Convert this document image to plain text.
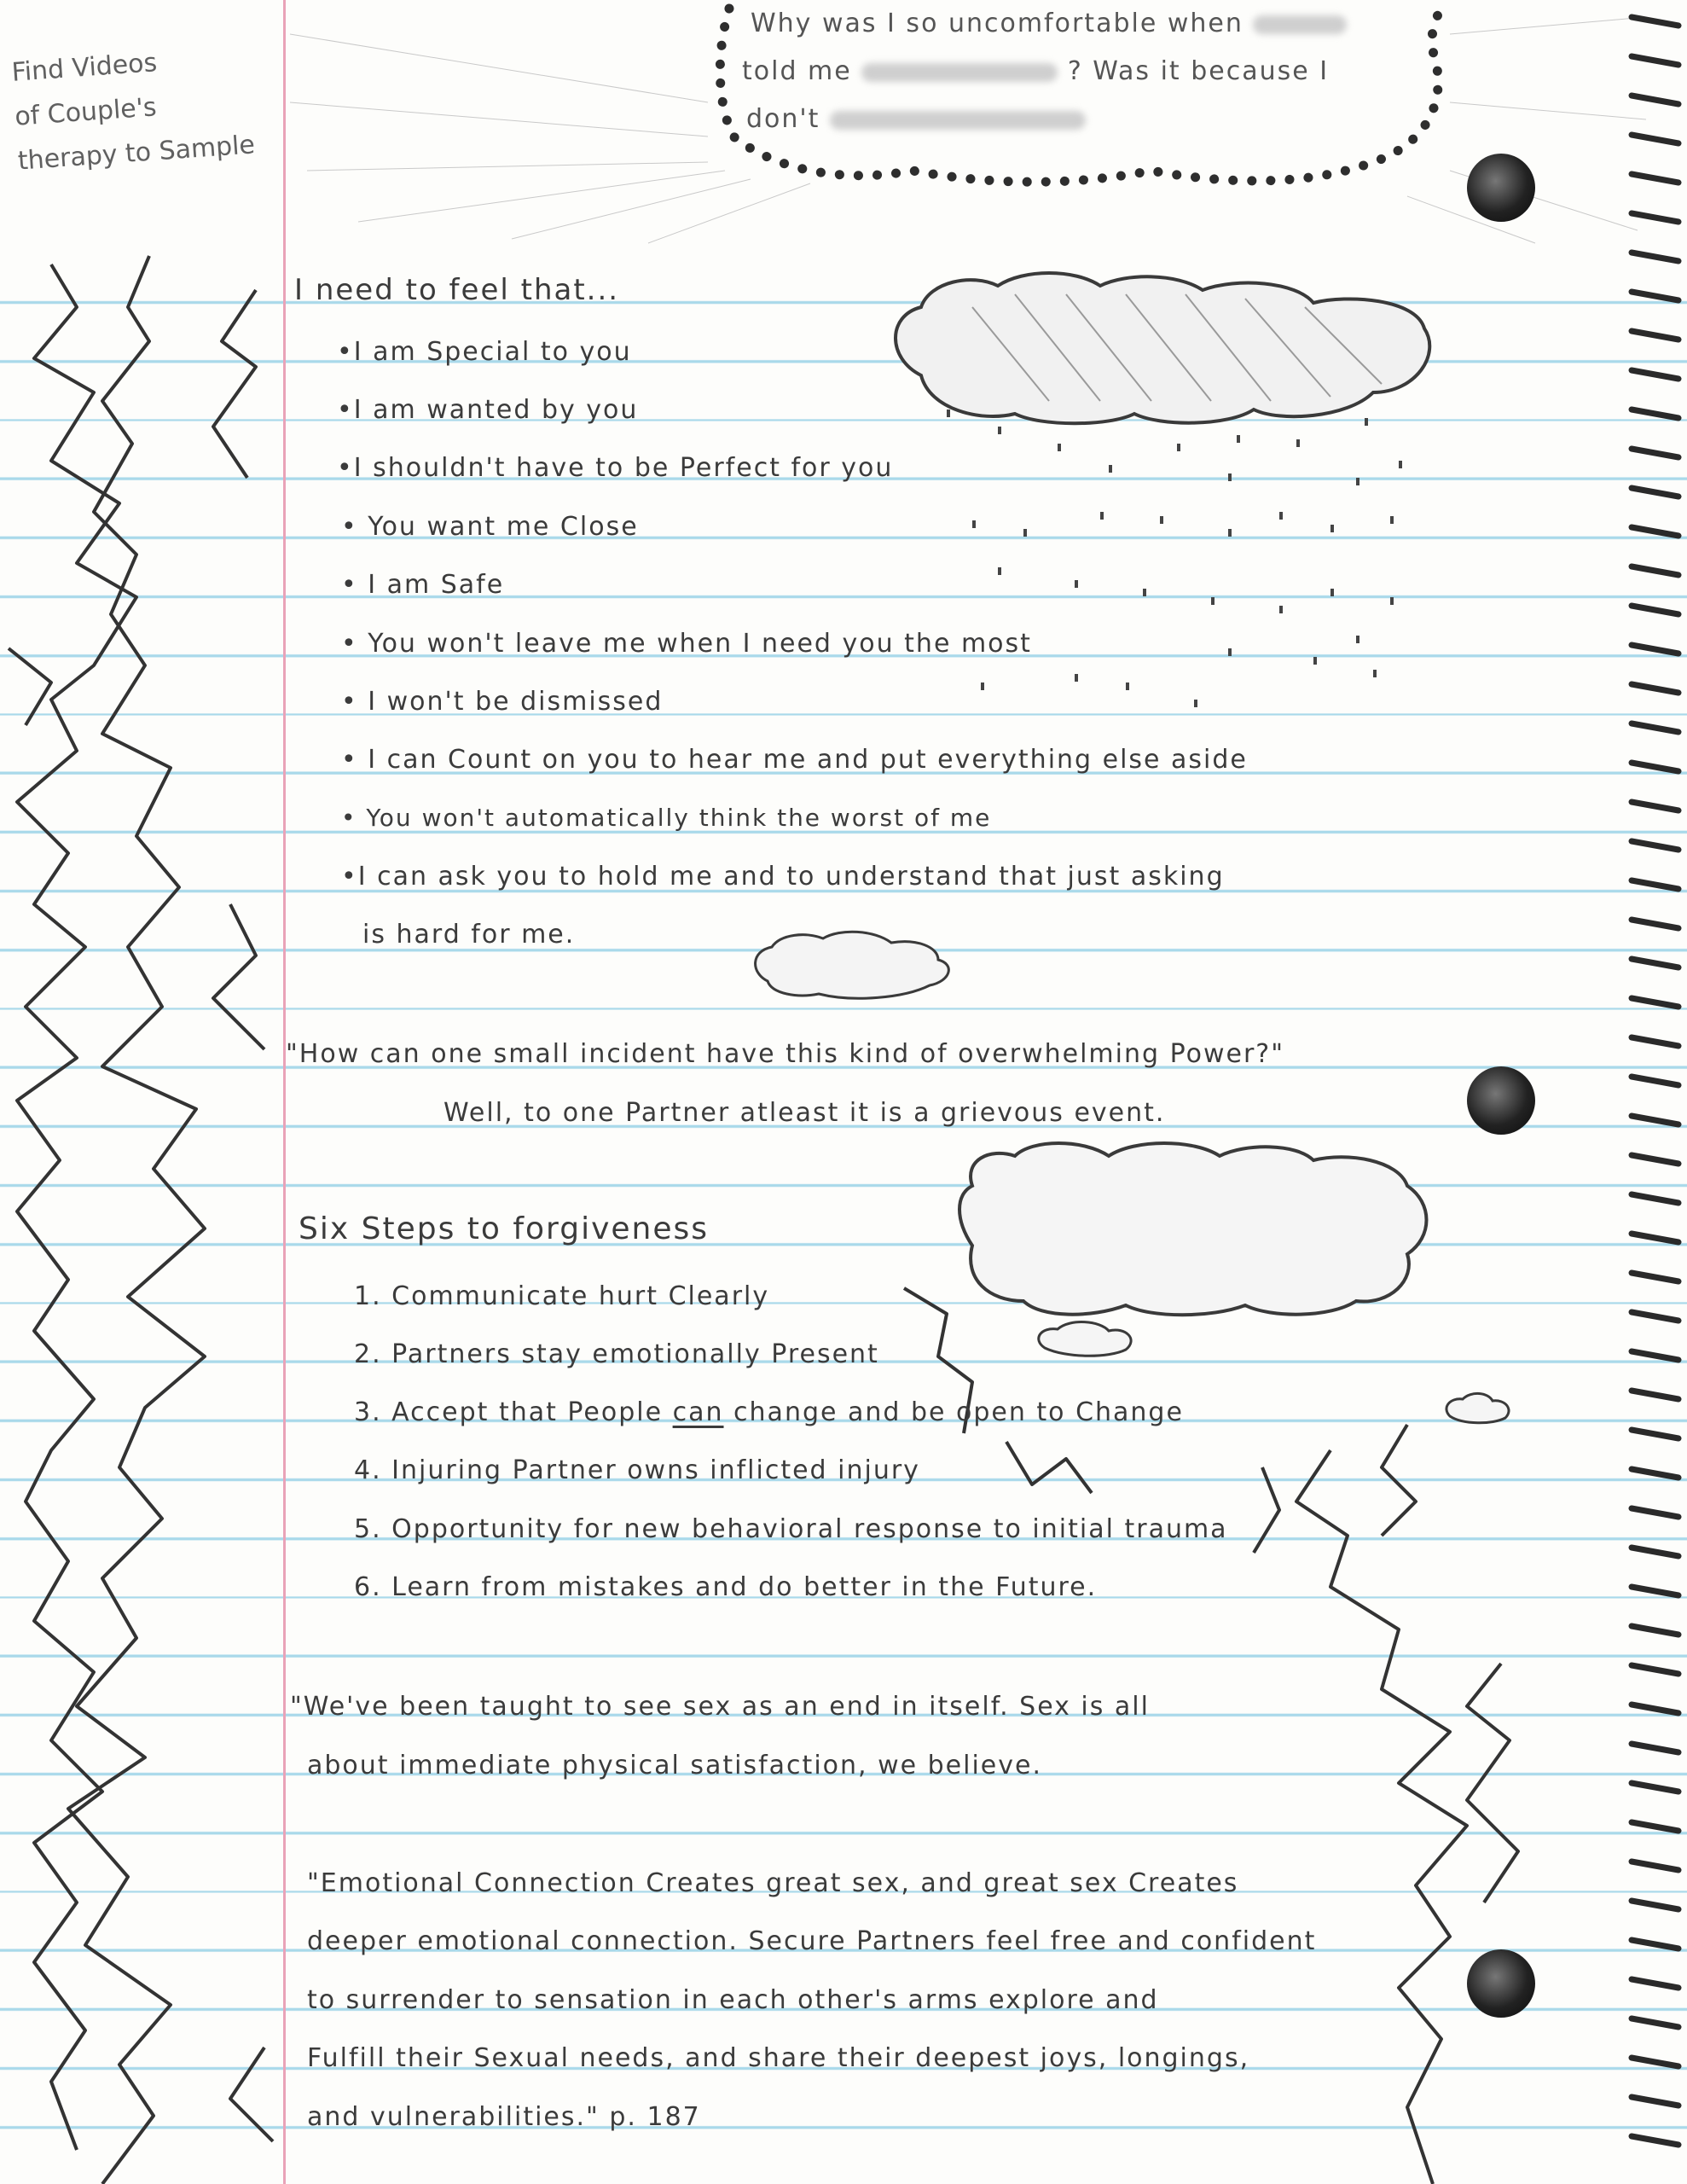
Find Videos
of Couple's
therapy to Sample
Why was I so uncomfortable when
told me	? Was it because I
don't
I need to feel that...
•I am Special to you
•I am wanted by you
•I shouldn't have to be Perfect for you
• You want me Close
• I am Safe
• You won't leave me when I need you the most
• I won't be dismissed
• I can Count on you to hear me and put everything else aside
• You won't automatically think the worst of me
•I can ask you to hold me and to understand that just asking
is hard for me.
"How can one small incident have this kind of overwhelming Power?"
Well, to one Partner atleast it is a grievous event.
Six Steps to forgiveness
1. Communicate hurt Clearly
2. Partners stay emotionally Present
3. Accept that People can change and be open to Change
4. Injuring Partner owns inflicted injury
5. Opportunity for new behavioral response to initial trauma
6. Learn from mistakes and do better in the Future.
"We've been taught to see sex as an end in itself. Sex is all
about immediate physical satisfaction, we believe.
"Emotional Connection Creates great sex, and great sex Creates
deeper emotional connection. Secure Partners feel free and confident
to surrender to sensation in each other's arms explore and
Fulfill their Sexual needs, and share their deepest joys, longings,
and vulnerabilities." p. 187
